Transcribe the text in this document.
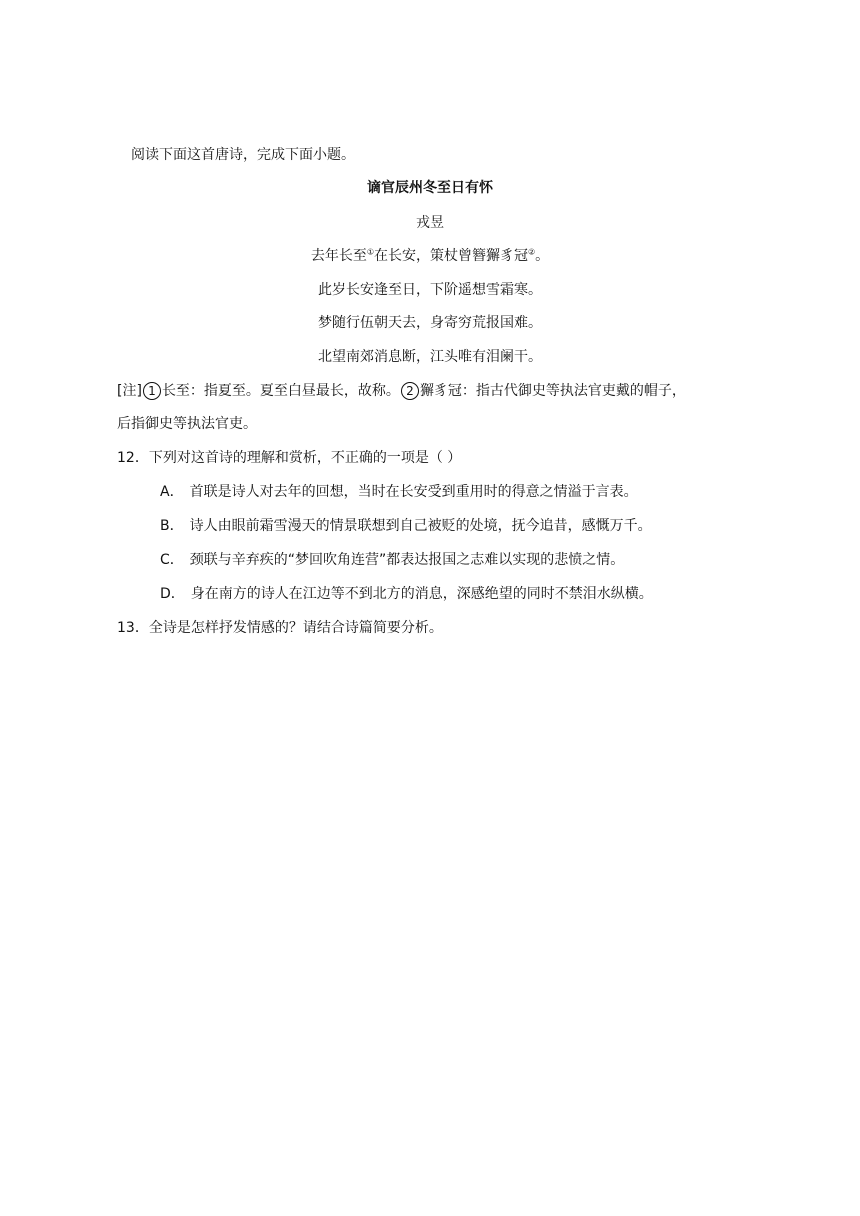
阅读下面这首唐诗，完成下面小题。
谪官辰州冬至日有怀
戎昱
去年长至①在长安，策杖曾簪獬豸冠②。
此岁长安逢至日，下阶遥想雪霜寒。
梦随行伍朝天去，身寄穷荒报国难。
北望南郊消息断，江头唯有泪阑干。
[注] 1 长至：指夏至。夏至白昼最长，故称。 2 獬豸冠：指古代御史等执法官吏戴的帽子，
后指御史等执法官吏。
12．下列对这首诗的理解和赏析，不正确的一项是（ ）
A． 首联是诗人对去年的回想，当时在长安受到重用时的得意之情溢于言表。
B． 诗人由眼前霜雪漫天的情景联想到自己被贬的处境，抚今追昔，感慨万千。
C． 颈联与辛弃疾的“梦回吹角连营”都表达报国之志难以实现的悲愤之情。
D． 身在南方的诗人在江边等不到北方的消息，深感绝望的同时不禁泪水纵横。
13．全诗是怎样抒发情感的？请结合诗篇简要分析。
